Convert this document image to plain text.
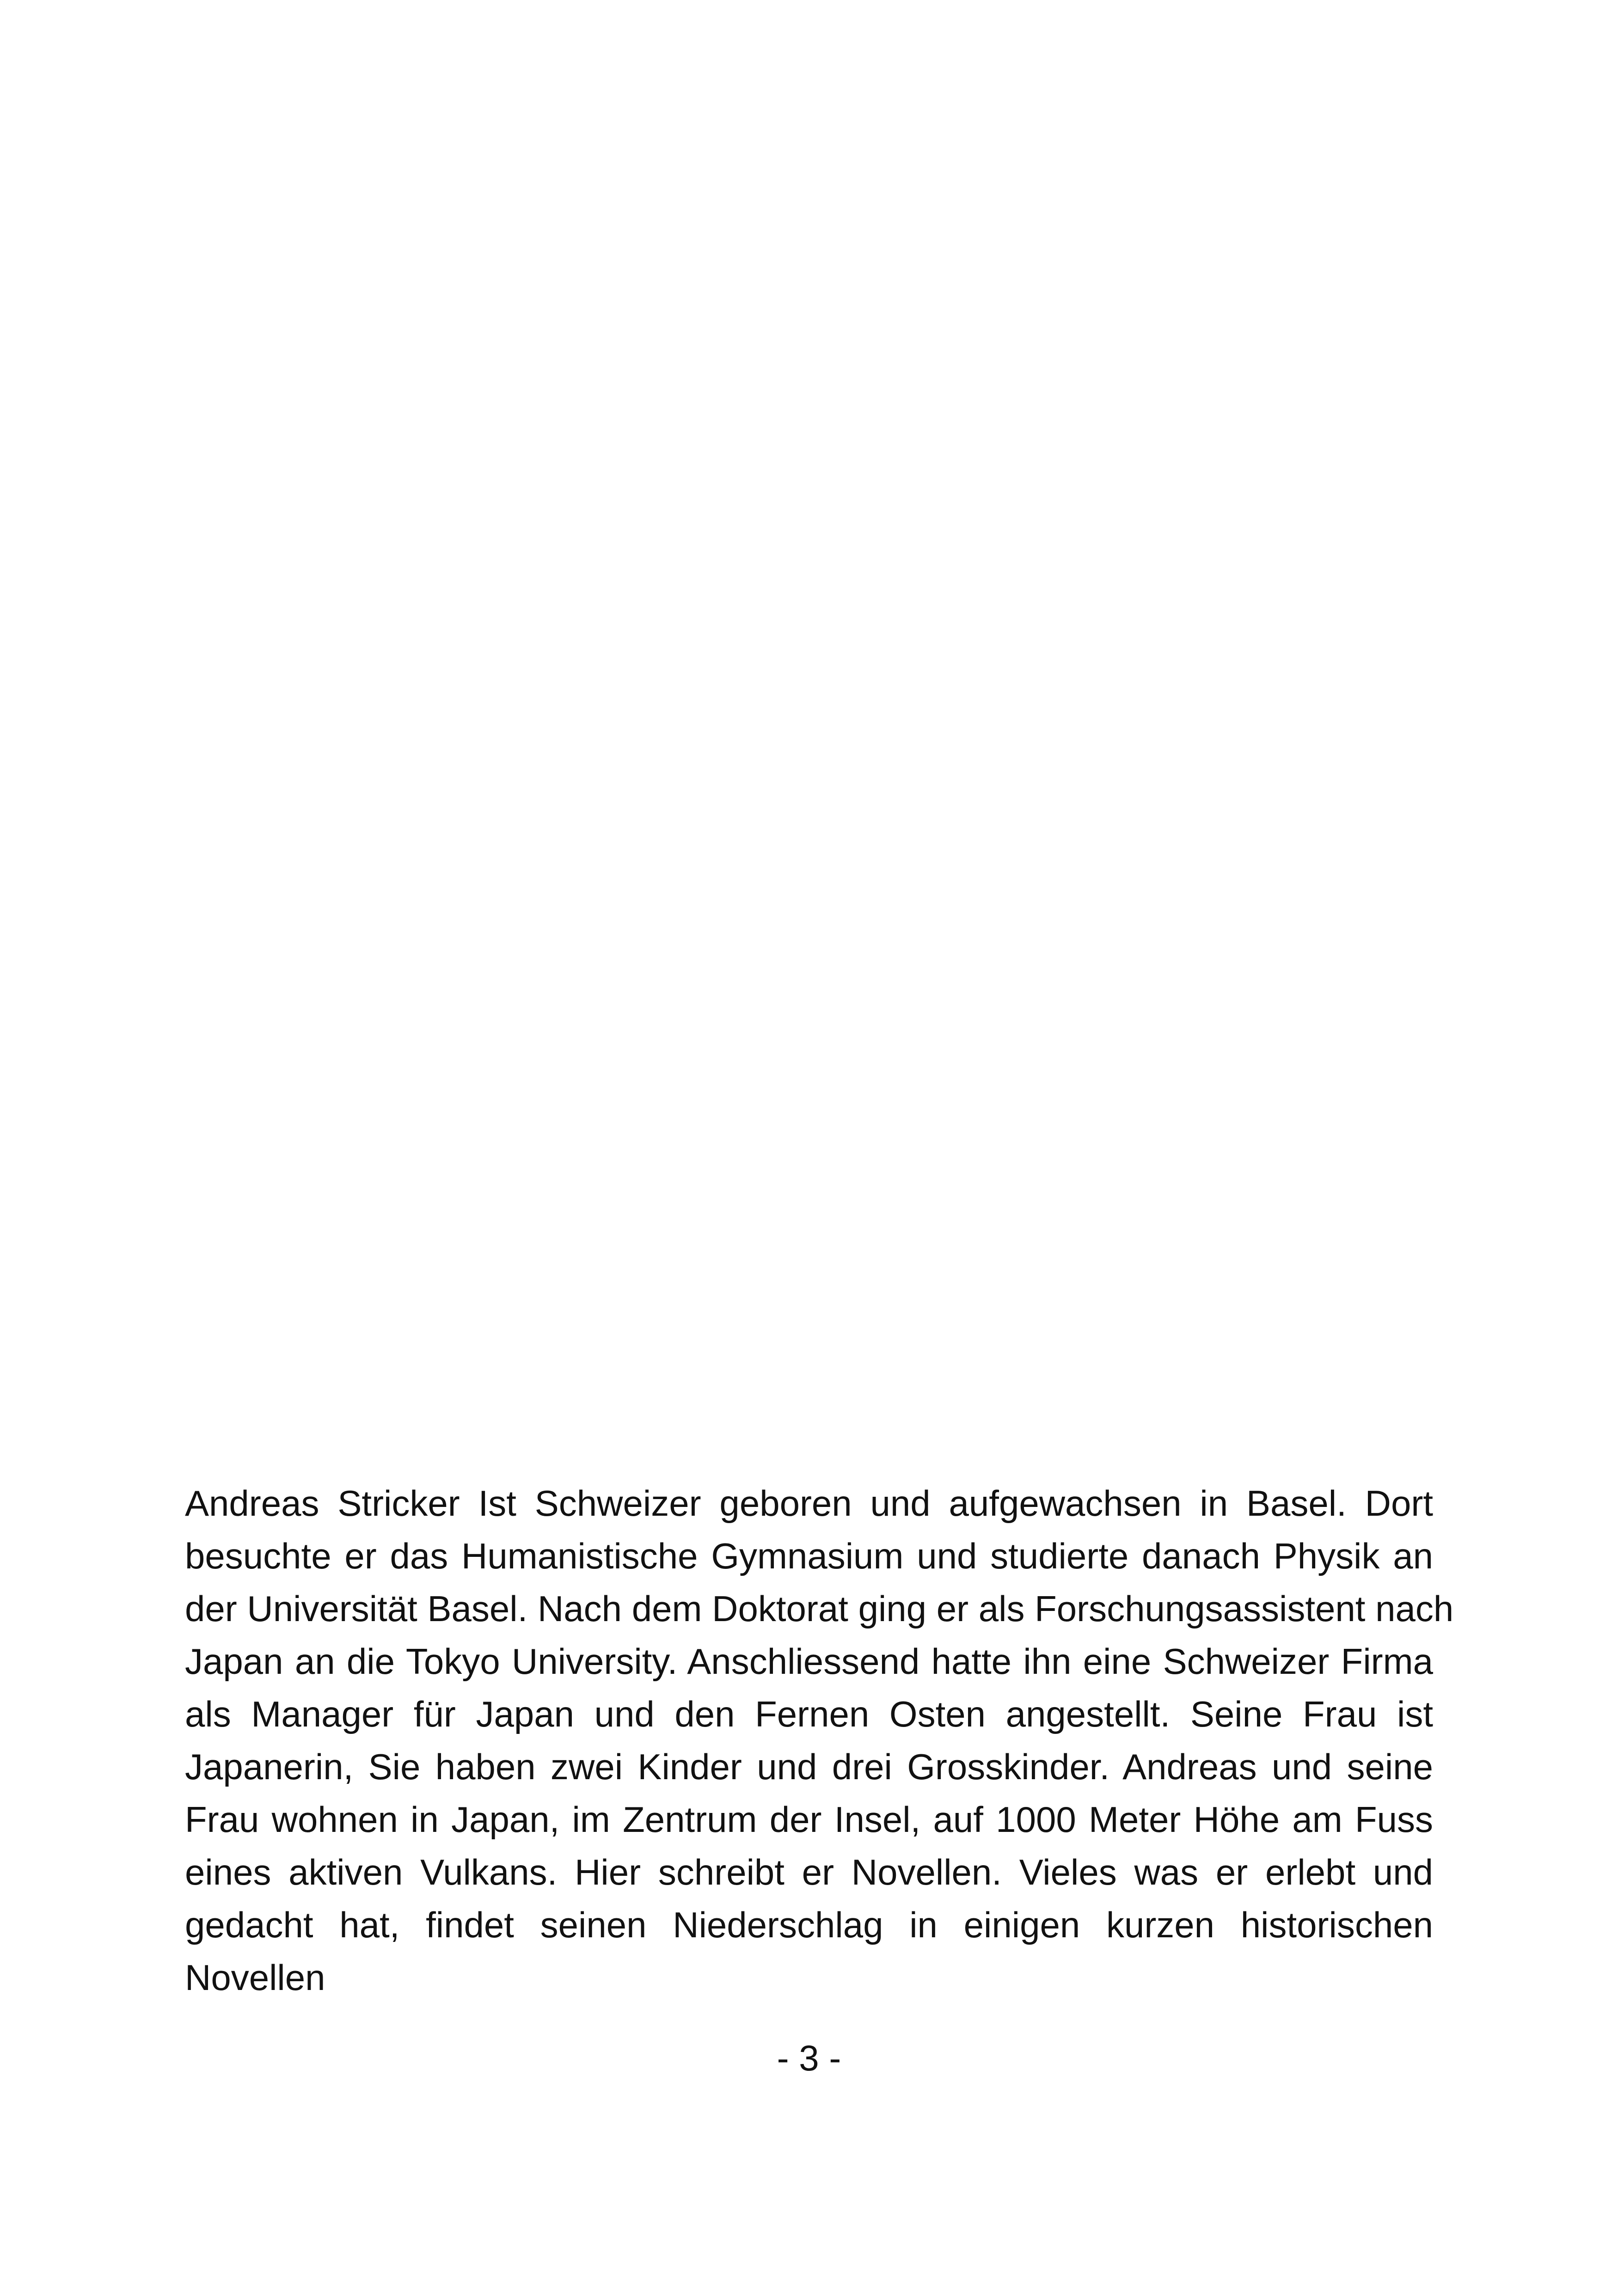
Andreas Stricker Ist Schweizer geboren und aufgewachsen in Basel. Dort
besuchte er das Humanistische Gymnasium und studierte danach Physik an
der Universität Basel. Nach dem Doktorat ging er als Forschungsassistent nach
Japan an die Tokyo University. Anschliessend hatte ihn eine Schweizer Firma
als Manager für Japan und den Fernen Osten angestellt. Seine Frau ist
Japanerin, Sie haben zwei Kinder und drei Grosskinder. Andreas und seine
Frau wohnen in Japan, im Zentrum der Insel, auf 1000 Meter Höhe am Fuss
eines aktiven Vulkans. Hier schreibt er Novellen. Vieles was er erlebt und
gedacht hat, findet seinen Niederschlag in einigen kurzen historischen
Novellen
- 3 -
